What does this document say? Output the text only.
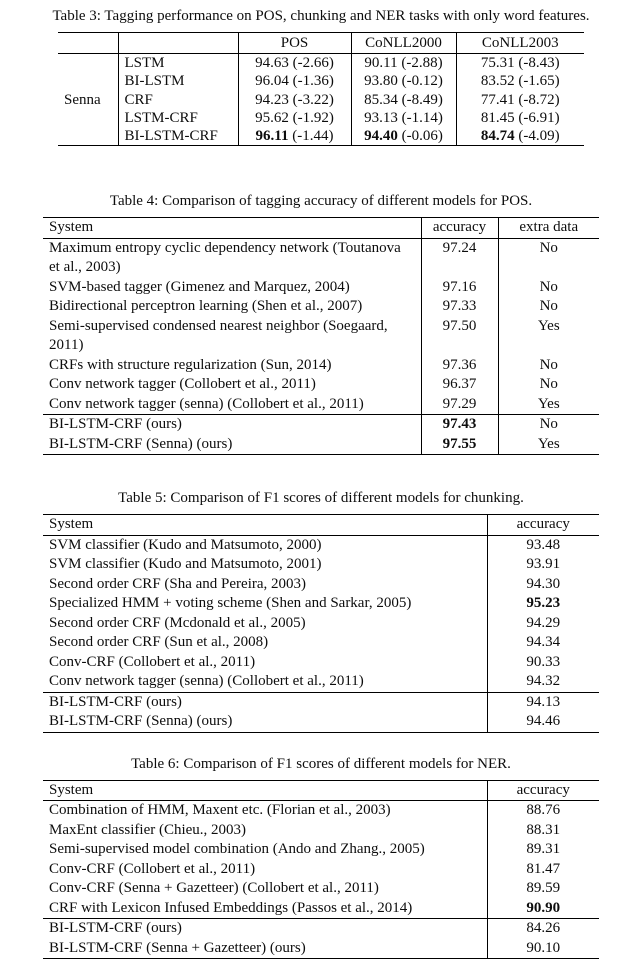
Table 3: Tagging performance on POS, chunking and NER tasks with only word features.
		POS	CoNLL2000	CoNLL2003
Senna	LSTM	94.63 (-2.66)	90.11 (-2.88)	75.31 (-8.43)
	BI-LSTM	96.04 (-1.36)	93.80 (-0.12)	83.52 (-1.65)
	CRF	94.23 (-3.22)	85.34 (-8.49)	77.41 (-8.72)
	LSTM-CRF	95.62 (-1.92)	93.13 (-1.14)	81.45 (-6.91)
	BI-LSTM-CRF	96.11 (-1.44)	94.40 (-0.06)	84.74 (-4.09)
Table 4: Comparison of tagging accuracy of different models for POS.
System	accuracy	extra data
Maximum entropy cyclic dependency network (Toutanova et al., 2003)	97.24	No
SVM-based tagger (Gimenez and Marquez, 2004)	97.16	No
Bidirectional perceptron learning (Shen et al., 2007)	97.33	No
Semi-supervised condensed nearest neighbor (Soegaard, 2011)	97.50	Yes
CRFs with structure regularization (Sun, 2014)	97.36	No
Conv network tagger (Collobert et al., 2011)	96.37	No
Conv network tagger (senna) (Collobert et al., 2011)	97.29	Yes
BI-LSTM-CRF (ours)	97.43	No
BI-LSTM-CRF (Senna) (ours)	97.55	Yes
Table 5: Comparison of F1 scores of different models for chunking.
System	accuracy
SVM classifier (Kudo and Matsumoto, 2000)	93.48
SVM classifier (Kudo and Matsumoto, 2001)	93.91
Second order CRF (Sha and Pereira, 2003)	94.30
Specialized HMM + voting scheme (Shen and Sarkar, 2005)	95.23
Second order CRF (Mcdonald et al., 2005)	94.29
Second order CRF (Sun et al., 2008)	94.34
Conv-CRF (Collobert et al., 2011)	90.33
Conv network tagger (senna) (Collobert et al., 2011)	94.32
BI-LSTM-CRF (ours)	94.13
BI-LSTM-CRF (Senna) (ours)	94.46
Table 6: Comparison of F1 scores of different models for NER.
System	accuracy
Combination of HMM, Maxent etc. (Florian et al., 2003)	88.76
MaxEnt classifier (Chieu., 2003)	88.31
Semi-supervised model combination (Ando and Zhang., 2005)	89.31
Conv-CRF (Collobert et al., 2011)	81.47
Conv-CRF (Senna + Gazetteer) (Collobert et al., 2011)	89.59
CRF with Lexicon Infused Embeddings (Passos et al., 2014)	90.90
BI-LSTM-CRF (ours)	84.26
BI-LSTM-CRF (Senna + Gazetteer) (ours)	90.10
